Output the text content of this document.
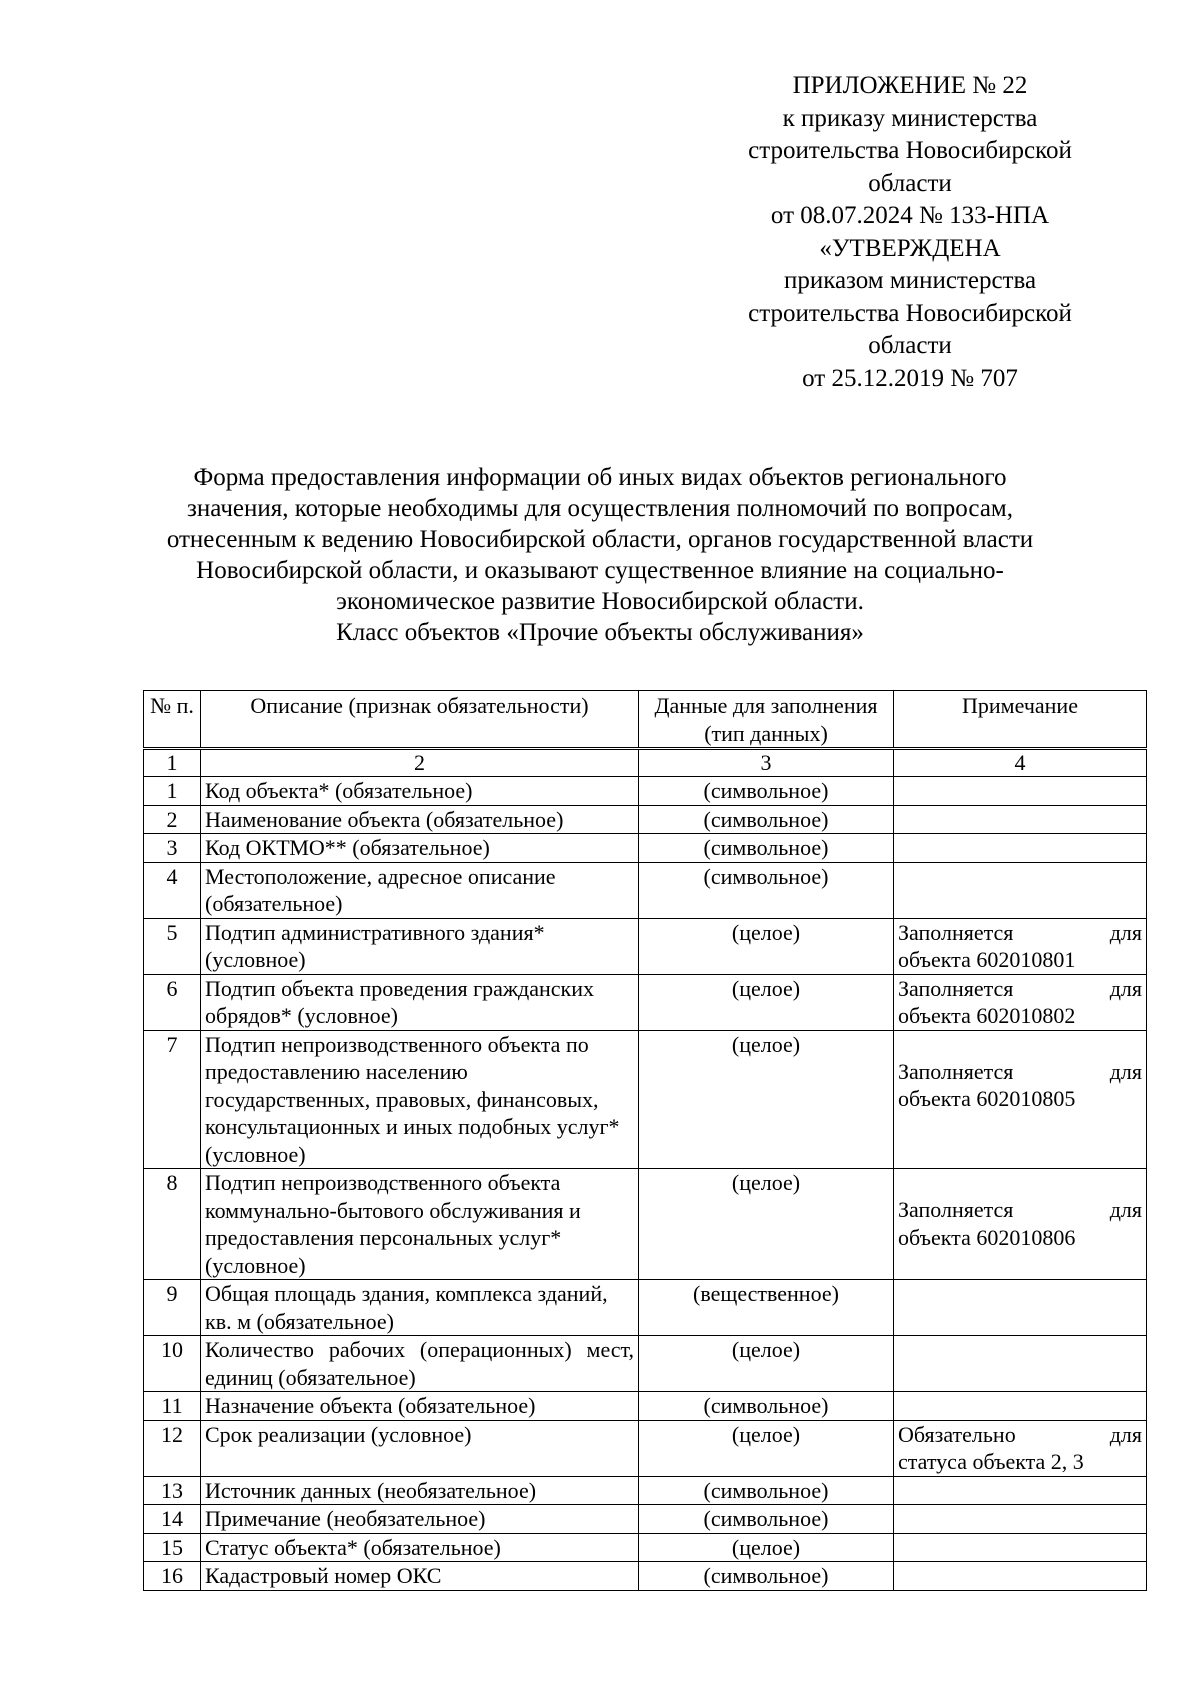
ПРИЛОЖЕНИЕ № 22
к приказу министерства
строительства Новосибирской
области
от 08.07.2024 № 133-НПА
«УТВЕРЖДЕНА
приказом министерства
строительства Новосибирской
области
от 25.12.2019 № 707
Форма предоставления информации об иных видах объектов регионального
значения, которые необходимы для осуществления полномочий по вопросам,
отнесенным к ведению Новосибирской области, органов государственной власти
Новосибирской области, и оказывают существенное влияние на социально-
экономическое развитие Новосибирской области.
Класс объектов «Прочие объекты обслуживания»
№ п.	Описание (признак обязательности)	Данные для заполнения (тип данных)	Примечание
1	2	3	4
1	Код объекта* (обязательное)	(символьное)	
2	Наименование объекта (обязательное)	(символьное)	
3	Код ОКТМО** (обязательное)	(символьное)	
4	Местоположение, адресное описание (обязательное)	(символьное)	
5	Подтип административного здания* (условное)	(целое)	Заполняется для
объекта 602010801

6	Подтип объекта проведения гражданских обрядов* (условное)	(целое)	Заполняется для
объекта 602010802

7	Подтип непроизводственного объекта по предоставлению населению государственных, правовых, финансовых, консультационных и иных подобных услуг* (условное)	(целое)	Заполняется для
объекта 602010805

8	Подтип непроизводственного объекта коммунально-бытового обслуживания и предоставления персональных услуг* (условное)	(целое)	Заполняется для
объекта 602010806

9	Общая площадь здания, комплекса зданий, кв. м (обязательное)	(вещественное)	
10	Количество рабочих (операционных) мест, единиц (обязательное)	(целое)	
11	Назначение объекта (обязательное)	(символьное)	
12	Срок реализации (условное)	(целое)	Обязательно для
статуса объекта 2, 3

13	Источник данных (необязательное)	(символьное)	
14	Примечание (необязательное)	(символьное)	
15	Статус объекта* (обязательное)	(целое)	
16	Кадастровый номер ОКС	(символьное)	
